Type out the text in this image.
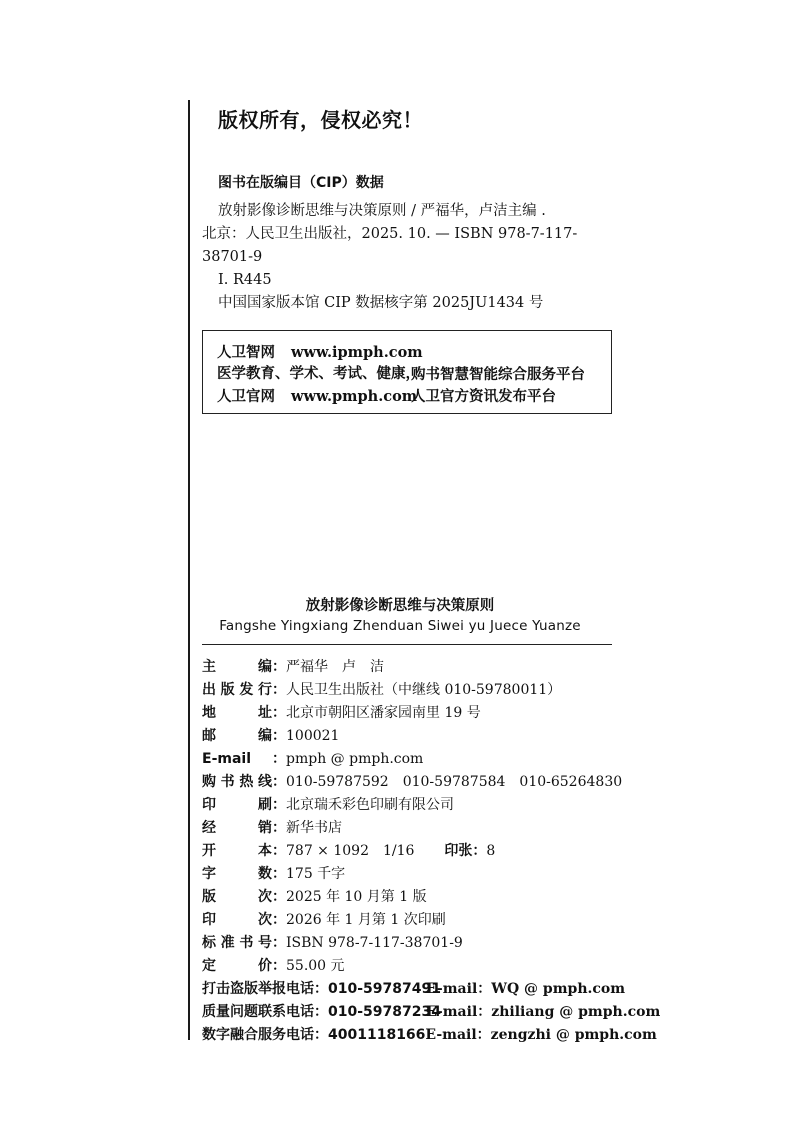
版权所有，侵权必究！
图书在版编目（CIP）数据
放射影像诊断思维与决策原则 / 严福华，卢洁主编 .
北京：人民卫生出版社，2025. 10. — ISBN 978-7-117-
38701-9
I. R445
中国国家版本馆 CIP 数据核字第 2025JU1434 号
人卫智网 www.ipmph.com医学教育、学术、考试、健康，
购书智慧智能综合服务平台
人卫官网 www.pmph.com人卫官方资讯发布平台
放射影像诊断思维与决策原则
Fangshe Yingxiang Zhenduan Siwei yu Juece Yuanze
主编 ： 严福华　卢　洁
出版发行 ： 人民卫生出版社（中继线 010-59780011）
地址 ： 北京市朝阳区潘家园南里 19 号
邮编 ： 100021
E-mail	： pmph @ pmph.com
购书热线 ： 010-59787592　010-59787584　010-65264830
印刷 ： 北京瑞禾彩色印刷有限公司
经销 ： 新华书店
开本 ： 787 × 1092　1/16 印张 ： 8
字数 ： 175 千字
版次 ： 2025 年 10 月第 1 版
印次 ： 2026 年 1 月第 1 次印刷
标准书号 ： ISBN 978-7-117-38701-9
定价 ： 55.00 元
打击盗版举报电话：010-59787491
E-mail：WQ @ pmph.com
质量问题联系电话：010-59787234
E-mail：zhiliang @ pmph.com
数字融合服务电话：4001118166 E-mail：zengzhi @ pmph.com
